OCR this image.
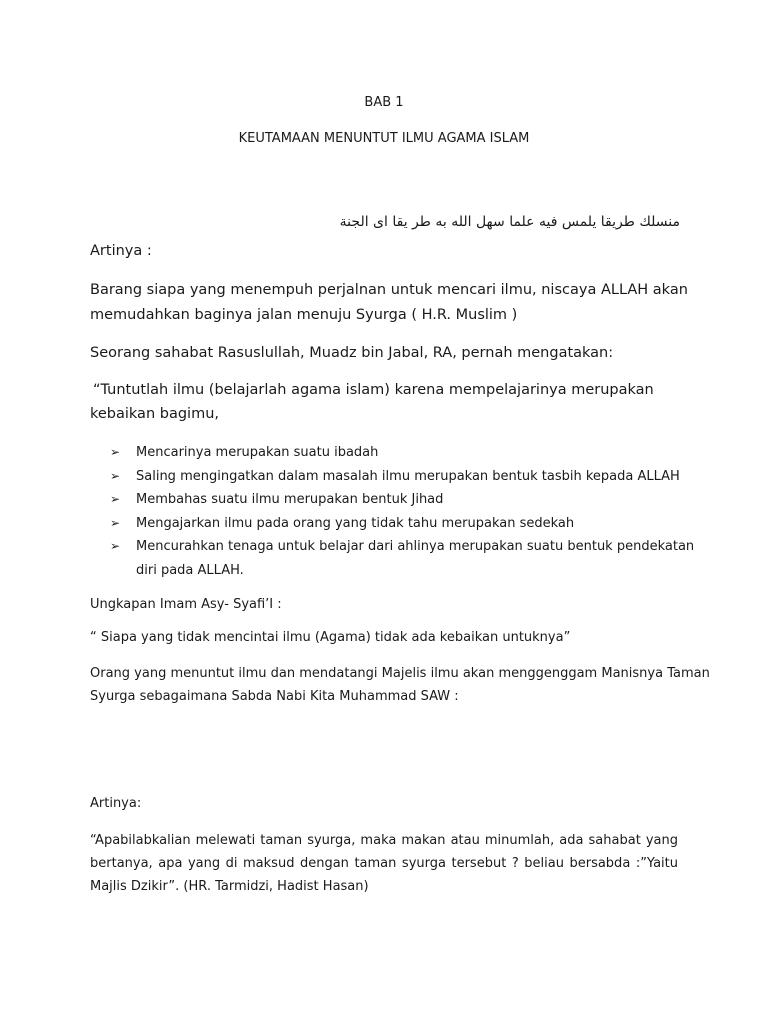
BAB 1

KEUTAMAAN MENUNTUT ILMU AGAMA ISLAM

منسلك طريقا يلمس فيه علما سهل الله به طر يقا اى الجنة

Artinya :

Barang siapa yang menempuh perjalnan untuk mencari ilmu, niscaya ALLAH akan

memudahkan baginya jalan menuju Syurga ( H.R. Muslim )

Seorang sahabat Rasuslullah, Muadz bin Jabal, RA, pernah mengatakan:

“Tuntutlah ilmu (belajarlah agama islam) karena mempelajarinya merupakan

kebaikan bagimu,

➢ Mencarinya merupakan suatu ibadah
➢ Saling mengingatkan dalam masalah ilmu merupakan bentuk tasbih kepada ALLAH
➢ Membahas suatu ilmu merupakan bentuk Jihad
➢ Mengajarkan ilmu pada orang yang tidak tahu merupakan sedekah
➢ Mencurahkan tenaga untuk belajar dari ahlinya merupakan suatu bentuk pendekatan diri pada ALLAH.

Ungkapan Imam Asy- Syafi’I :

“ Siapa yang tidak mencintai ilmu (Agama) tidak ada kebaikan untuknya”

Orang yang menuntut ilmu dan mendatangi Majelis ilmu akan menggenggam Manisnya Taman

Syurga sebagaimana Sabda Nabi Kita Muhammad SAW :

Artinya:

“Apabilabkalian melewati taman syurga, maka makan atau minumlah, ada sahabat yang bertanya, apa yang di maksud dengan taman syurga tersebut ? beliau bersabda :”Yaitu Majlis Dzikir”. (HR. Tarmidzi, Hadist Hasan)
